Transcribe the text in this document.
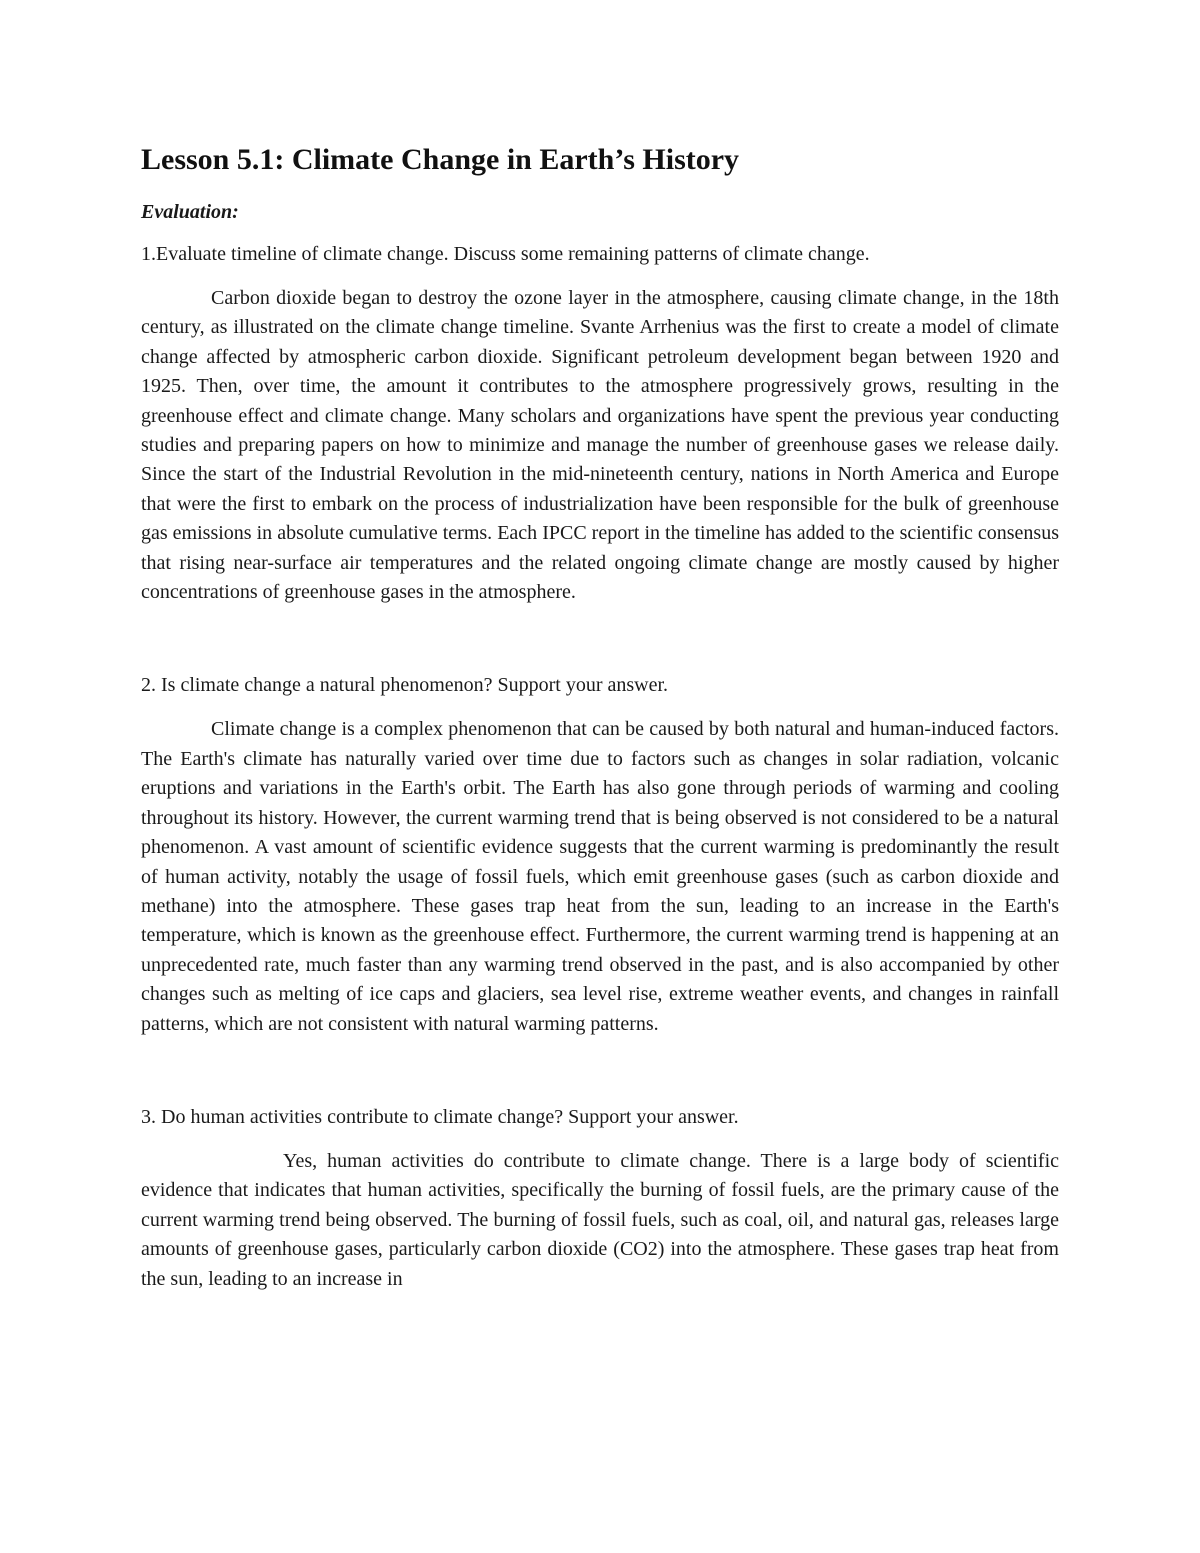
Lesson 5.1: Climate Change in Earth’s History

Evaluation:

1.Evaluate timeline of climate change. Discuss some remaining patterns of climate change.

Carbon dioxide began to destroy the ozone layer in the atmosphere, causing climate change, in the 18th century, as illustrated on the climate change timeline. Svante Arrhenius was the first to create a model of climate change affected by atmospheric carbon dioxide. Significant petroleum development began between 1920 and 1925. Then, over time, the amount it contributes to the atmosphere progressively grows, resulting in the greenhouse effect and climate change. Many scholars and organizations have spent the previous year conducting studies and preparing papers on how to minimize and manage the number of greenhouse gases we release daily. Since the start of the Industrial Revolution in the mid-nineteenth century, nations in North America and Europe that were the first to embark on the process of industrialization have been responsible for the bulk of greenhouse gas emissions in absolute cumulative terms. Each IPCC report in the timeline has added to the scientific consensus that rising near-surface air temperatures and the related ongoing climate change are mostly caused by higher concentrations of greenhouse gases in the atmosphere.

2. Is climate change a natural phenomenon? Support your answer.

Climate change is a complex phenomenon that can be caused by both natural and human-induced factors. The Earth's climate has naturally varied over time due to factors such as changes in solar radiation, volcanic eruptions and variations in the Earth's orbit. The Earth has also gone through periods of warming and cooling throughout its history. However, the current warming trend that is being observed is not considered to be a natural phenomenon. A vast amount of scientific evidence suggests that the current warming is predominantly the result of human activity, notably the usage of fossil fuels, which emit greenhouse gases (such as carbon dioxide and methane) into the atmosphere. These gases trap heat from the sun, leading to an increase in the Earth's temperature, which is known as the greenhouse effect. Furthermore, the current warming trend is happening at an unprecedented rate, much faster than any warming trend observed in the past, and is also accompanied by other changes such as melting of ice caps and glaciers, sea level rise, extreme weather events, and changes in rainfall patterns, which are not consistent with natural warming patterns.

3. Do human activities contribute to climate change? Support your answer.

Yes, human activities do contribute to climate change. There is a large body of scientific evidence that indicates that human activities, specifically the burning of fossil fuels, are the primary cause of the current warming trend being observed. The burning of fossil fuels, such as coal, oil, and natural gas, releases large amounts of greenhouse gases, particularly carbon dioxide (CO2) into the atmosphere. These gases trap heat from the sun, leading to an increase in
